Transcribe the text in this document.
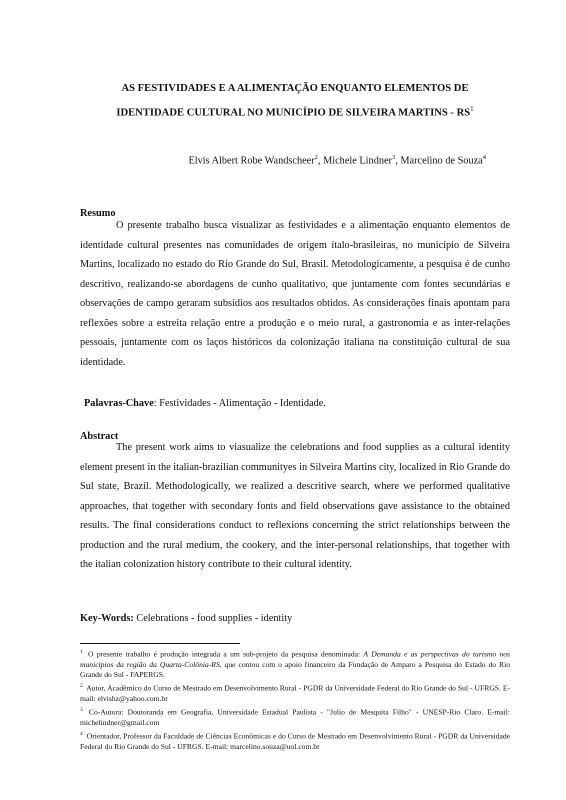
AS FESTIVIDADES E A ALIMENTAÇÃO ENQUANTO ELEMENTOS DE
IDENTIDADE CULTURAL NO MUNICÍPIO DE SILVEIRA MARTINS - $RS^1$
Elvis Albert Robe Wandscheer$^2$, Michele Lindner$^3$, Marcelino de Souza$^4$
Resumo

O presente trabalho busca visualizar as festividades e a alimentação enquanto elementos de identidade cultural presentes nas comunidades de origem ítalo-brasileiras, no município de Silveira Martins, localizado no estado do Rio Grande do Sul, Brasil. Metodologicamente, a pesquisa é de cunho descritivo, realizando-se abordagens de cunho qualitativo, que juntamente com fontes secundárias e observações de campo geraram subsídios aos resultados obtidos. As considerações finais apontam para reflexões sobre a estreita relação entre a produção e o meio rural, a gastronomia e as inter-relações pessoais, juntamente com os laços históricos da colonização italiana na constituição cultural de sua identidade.

Palavras-Chave: Festividades - Alimentação - Identidade.
Abstract

The present work aims to viasualize the celebrations and food supplies as a cultural identity element present in the italian-brazilian communityes in Silveira Martins city, localized in Rio Grande do Sul state, Brazil. Methodologically, we realized a descritive search, where we performed qualitative approaches, that together with secondary fonts and field observations gave assistance to the obtained results. The final considerations conduct to reflexions concerning the strict relationships between the production and the rural medium, the cookery, and the inter-personal relationships, that together with the italian colonization history contribute to their cultural identity.

Key-Words: Celebrations - food supplies - identity

$^1$ O presente trabalho é produção integrada a um sub-projeto da pesquisa denominada: A Demanda e as perspectivas do turismo nos municípios da região da Quarta-Colônia-RS, que contou com o apoio financeiro da Fundação de Amparo a Pesquisa do Estado do Rio Grande do Sul - FAPERGS.

$^2$ Autor, Acadêmico do Curso de Mestrado em Desenvolvimento Rural - PGDR da Universidade Federal do Rio Grande do Sul - UFRGS. E-mail: elvishz@yahoo.com.br

$^3$ Co-Autora: Doutoranda em Geografia, Universidade Estadual Paulista - "Julio de Mesquita Filho" - UNESP-Rio Claro. E-mail: michelindner@gmail.com

$^4$ Orientador, Professor da Faculdade de Ciências Econômicas e do Curso de Mestrado em Desenvolvimento Rural - PGDR da Universidade Federal do Rio Grande do Sul - UFRGS. E-mail: marcelino.souza@uol.com.br
